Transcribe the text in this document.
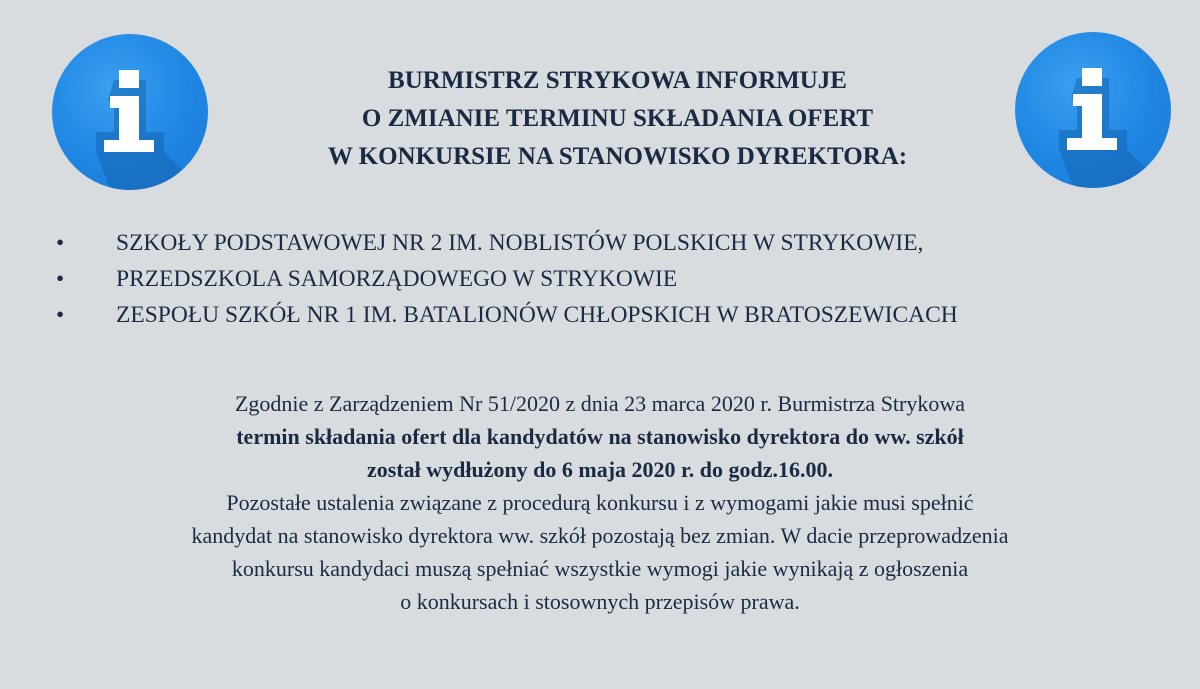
BURMISTRZ STRYKOWA INFORMUJE
O ZMIANIE TERMINU SKŁADANIA OFERT
W KONKURSIE NA STANOWISKO DYREKTORA:
• SZKOŁY PODSTAWOWEJ NR 2 IM. NOBLISTÓW POLSKICH W STRYKOWIE,
• PRZEDSZKOLA SAMORZĄDOWEGO W STRYKOWIE
• ZESPOŁU SZKÓŁ NR 1 IM. BATALIONÓW CHŁOPSKICH W BRATOSZEWICACH

Zgodnie z Zarządzeniem Nr 51/2020 z dnia 23 marca 2020 r. Burmistrza Strykowa
termin składania ofert dla kandydatów na stanowisko dyrektora do ww. szkół
został wydłużony do 6 maja 2020 r. do godz.16.00.
Pozostałe ustalenia związane z procedurą konkursu i z wymogami jakie musi spełnić
kandydat na stanowisko dyrektora ww. szkół pozostają bez zmian. W dacie przeprowadzenia
konkursu kandydaci muszą spełniać wszystkie wymogi jakie wynikają z ogłoszenia
o konkursach i stosownych przepisów prawa.
